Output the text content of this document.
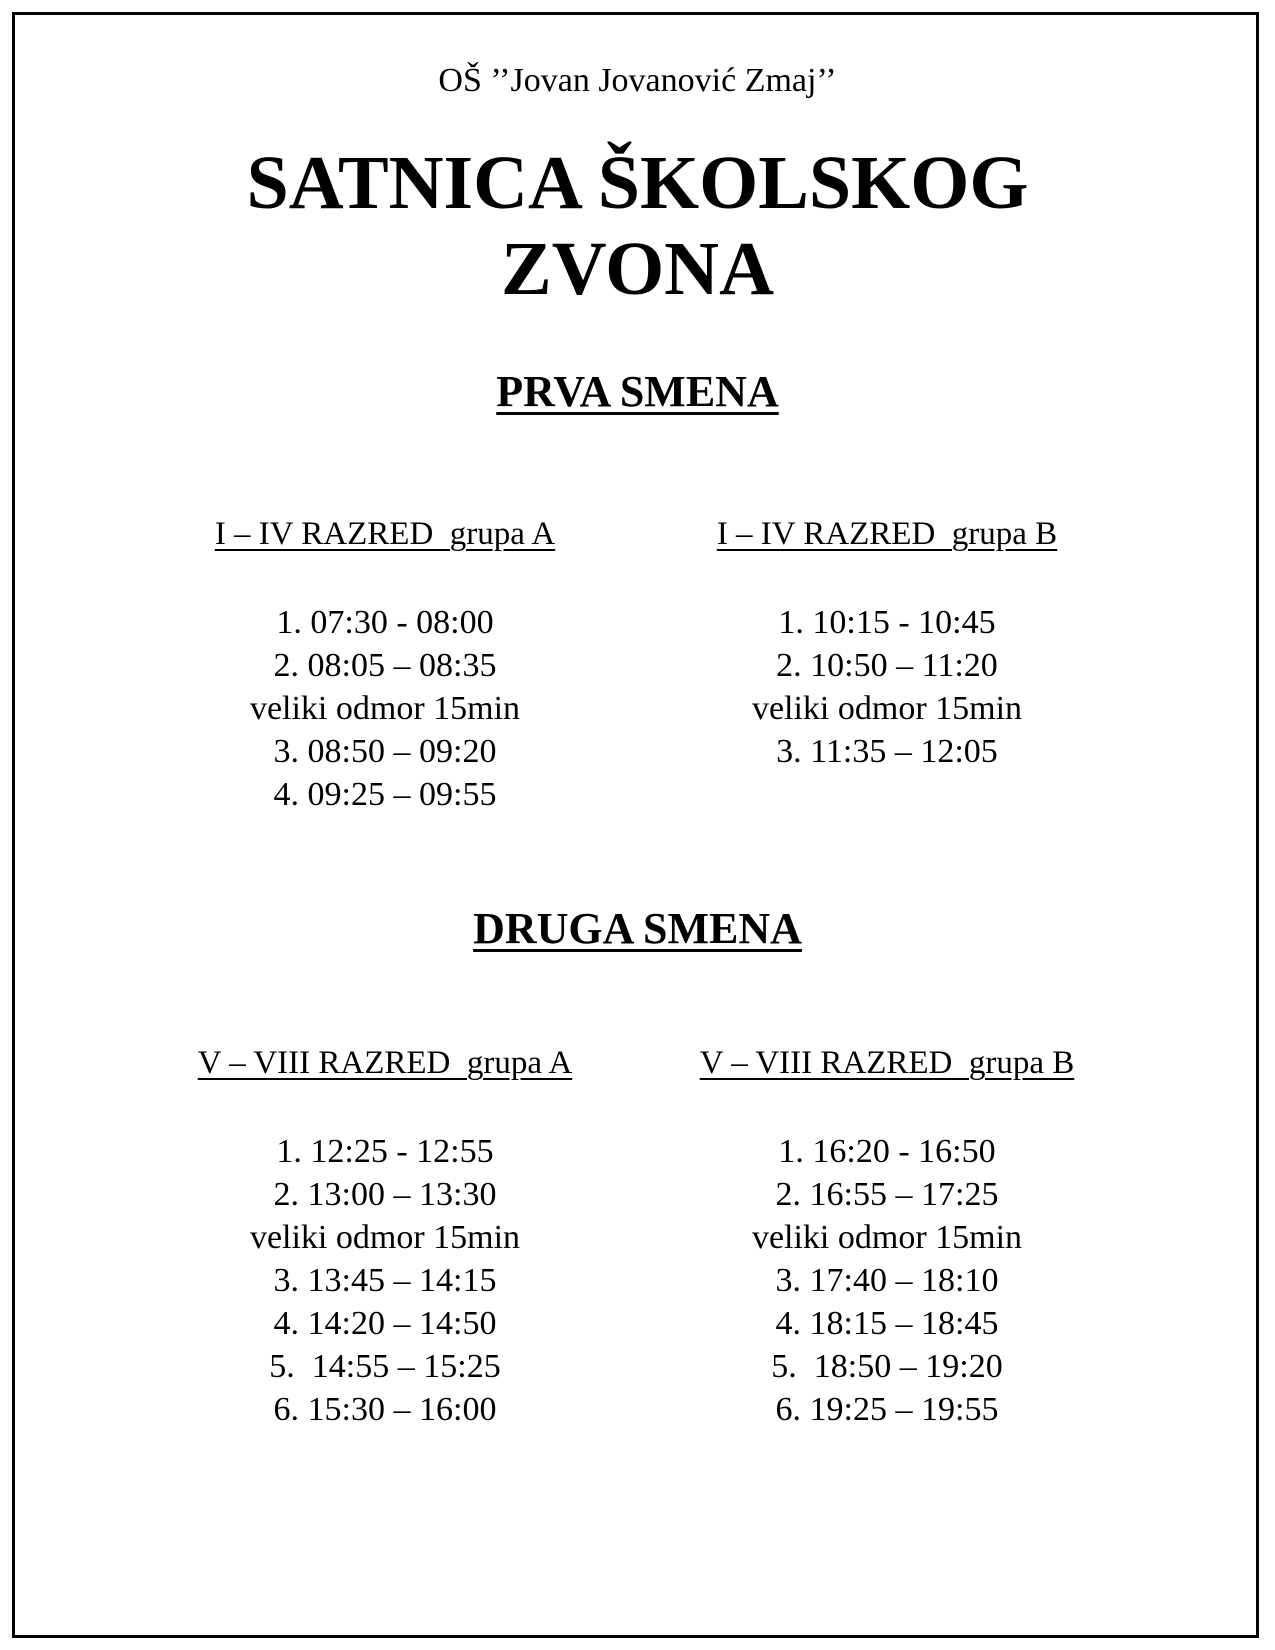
OŠ ’’Jovan Jovanović Zmaj’’
SATNICA ŠKOLSKOG
ZVONA
PRVA SMENA
I – IV RAZRED  grupa A
1. 07:30 - 08:00
2. 08:05 – 08:35
veliki odmor 15min
3. 08:50 – 09:20
4. 09:25 – 09:55
I – IV RAZRED  grupa B
1. 10:15 - 10:45
2. 10:50 – 11:20
veliki odmor 15min
3. 11:35 – 12:05
DRUGA SMENA
V – VIII RAZRED  grupa A
1. 12:25 - 12:55
2. 13:00 – 13:30
veliki odmor 15min
3. 13:45 – 14:15
4. 14:20 – 14:50
5.  14:55 – 15:25
6. 15:30 – 16:00
V – VIII RAZRED  grupa B
1. 16:20 - 16:50
2. 16:55 – 17:25
veliki odmor 15min
3. 17:40 – 18:10
4. 18:15 – 18:45
5.  18:50 – 19:20
6. 19:25 – 19:55
